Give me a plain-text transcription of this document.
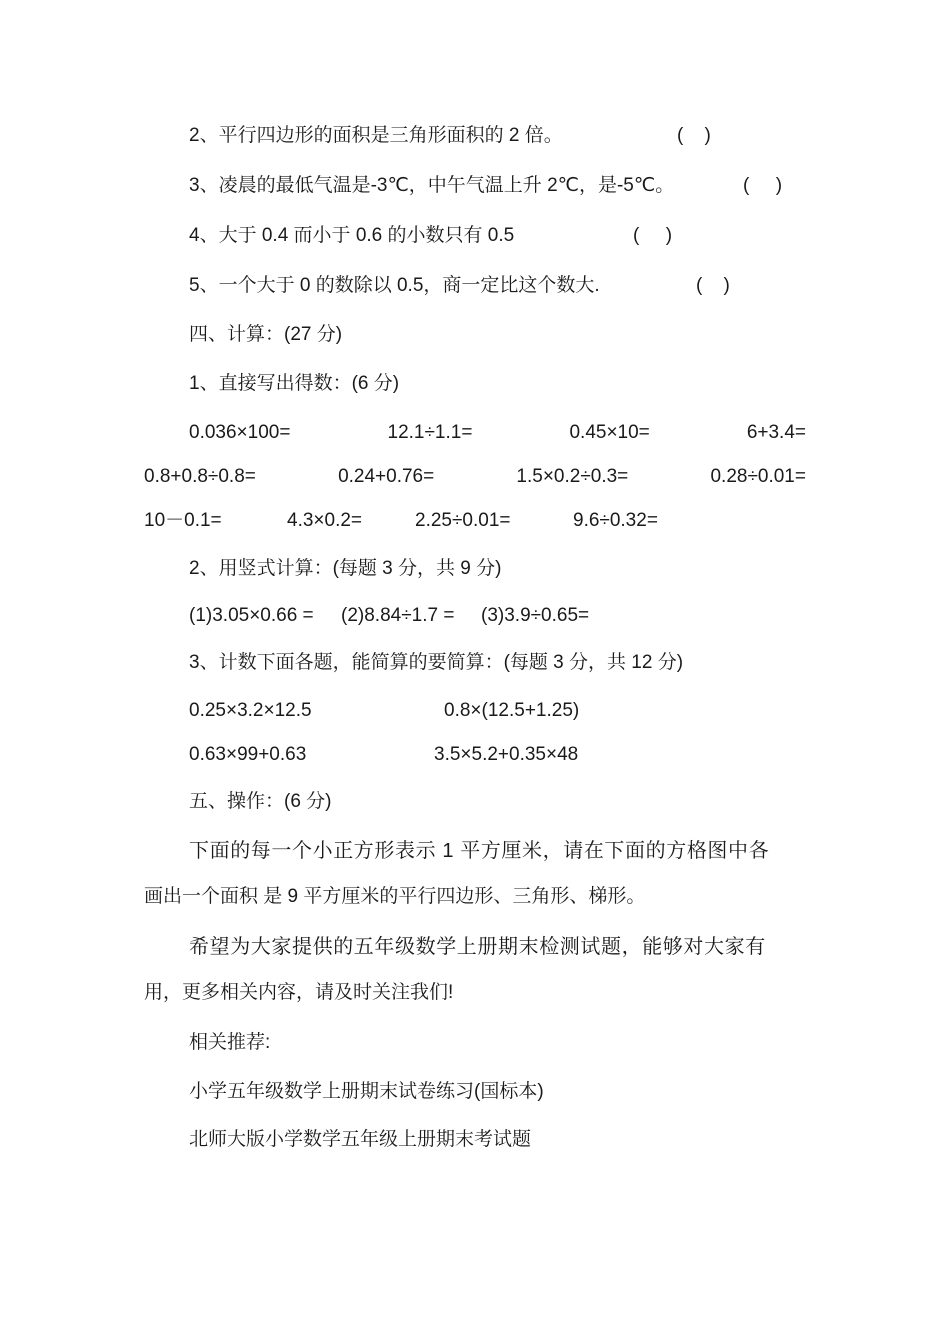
2、平行四边形的面积是三角形面积的 2 倍。	(    )
3、凌晨的最低气温是-3℃，中午气温上升 2℃，是-5℃。	(     )
4、大于 0.4 而小于 0.6 的小数只有 0.5	(     )
5、一个大于 0 的数除以 0.5，商一定比这个数大.	(    )
四、计算：(27 分)
1、直接写出得数：(6 分)
0.036×100=	12.1÷1.1=	0.45×10=	6+3.4=
0.8+0.8÷0.8=	0.24+0.76=	1.5×0.2÷0.3=	0.28÷0.01=
10－0.1=	4.3×0.2=	2.25÷0.01=	9.6÷0.32=
2、用竖式计算：(每题 3 分，共 9 分)
(1)3.05×0.66 = (2)8.84÷1.7 = (3)3.9÷0.65=
3、计数下面各题，能简算的要简算：(每题 3 分，共 12 分)
0.25×3.2×12.5	0.8×(12.5+1.25)
0.63×99+0.63	3.5×5.2+0.35×48
五、操作：(6 分)
下面的每一个小正方形表示 1 平方厘米，请在下面的方格图中各
画出一个面积 是 9 平方厘米的平行四边形、三角形、梯形。
希望为大家提供的五年级数学上册期末检测试题，能够对大家有
用，更多相关内容，请及时关注我们!
相关推荐:
小学五年级数学上册期末试卷练习(国标本)
北师大版小学数学五年级上册期末考试题
